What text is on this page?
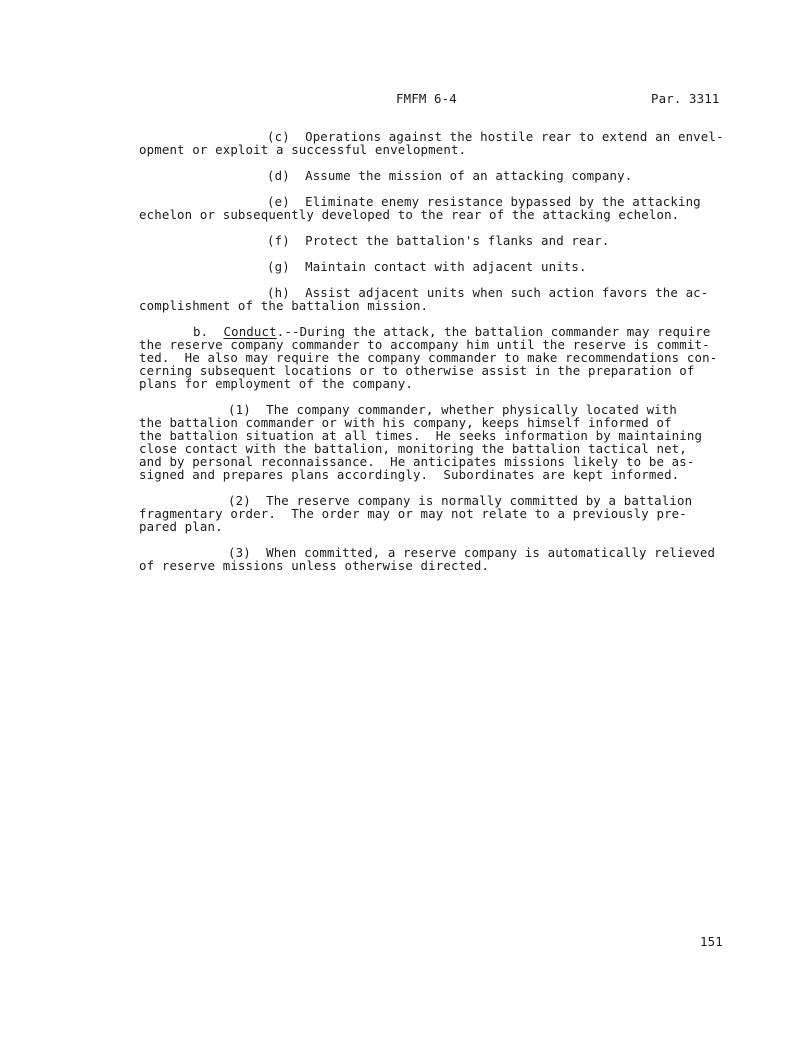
FMFM 6-4	Par. 3311
(c) Operations against the hostile rear to extend an envel-
opment or exploit a successful envelopment.
(d) Assume the mission of an attacking company.
(e) Eliminate enemy resistance bypassed by the attacking
echelon or subsequently developed to the rear of the attacking echelon.
(f) Protect the battalion's flanks and rear.
(g) Maintain contact with adjacent units.
(h) Assist adjacent units when such action favors the ac-
complishment of the battalion mission.
b. Conduct.--During the attack, the battalion commander may require
the reserve company commander to accompany him until the reserve is commit-
ted.  He also may require the company commander to make recommendations con-
cerning subsequent locations or to otherwise assist in the preparation of
plans for employment of the company.
(1) The company commander, whether physically located with
the battalion commander or with his company, keeps himself informed of
the battalion situation at all times.  He seeks information by maintaining
close contact with the battalion, monitoring the battalion tactical net,
and by personal reconnaissance.  He anticipates missions likely to be as-
signed and prepares plans accordingly.  Subordinates are kept informed.
(2) The reserve company is normally committed by a battalion
fragmentary order.  The order may or may not relate to a previously pre-
pared plan.
(3) When committed, a reserve company is automatically relieved
of reserve missions unless otherwise directed.
151
